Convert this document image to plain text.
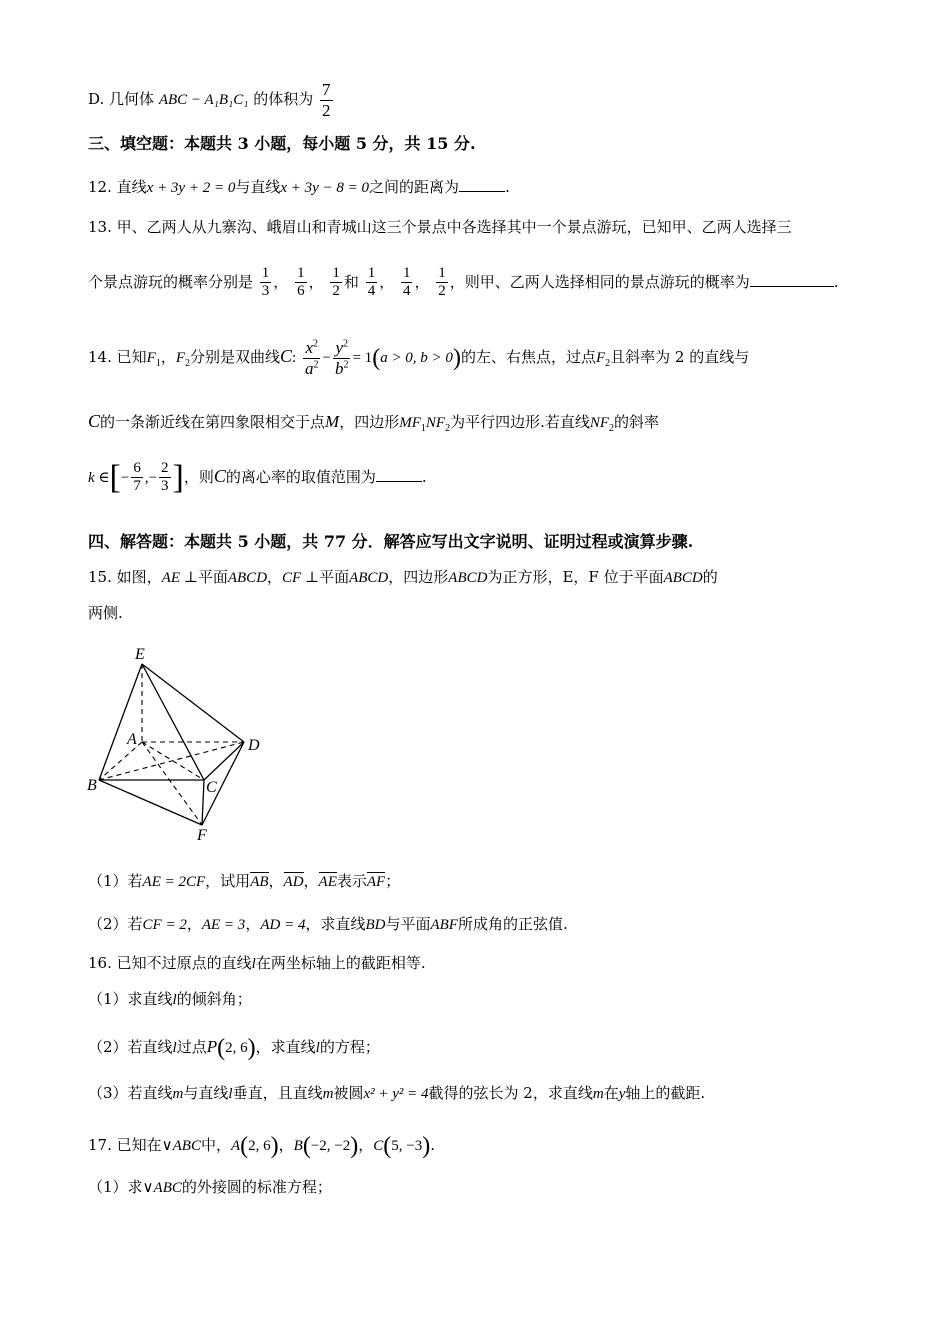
D. 几何体 ABC − A₁B₁C₁ 的体积为 $\frac{7}{2}$
三、填空题：本题共 3 小题，每小题 5 分，共 15 分.
12. 直线x + 3y + 2 = 0与直线x + 3y − 8 = 0之间的距离为	.
13. 甲、乙两人从九寨沟、峨眉山和青城山这三个景点中各选择其中一个景点游玩，已知甲、乙两人选择三
个景点游玩的概率分别是 $\frac{1}{3}$ ， $\frac{1}{6}$ ， $\frac{1}{2}$ 和 $\frac{1}{4}$ ， $\frac{1}{4}$ ， $\frac{1}{2}$ ，则甲、乙两人选择相同的景点游玩的概率为	.
14. 已知$F_1$，$F_2$分别是双曲线C: $\frac{x^2}{a^2} - \frac{y^2}{b^2} = 1(a > 0$, b > 0)的左、右焦点，过点$F_2$且斜率为 2 的直线与
C的一条渐近线在第四象限相交于点M，四边形$MF_1NF_2$为平行四边形.若直线$NF_2$的斜率
k ∈[− $\frac{6}{7}$ ,− $\frac{2}{3}$ ]，则C的离心率的取值范围为	.
四、解答题：本题共 5 小题，共 77 分．解答应写出文字说明、证明过程或演算步骤.
15. 如图，AE ⊥平面ABCD，CF ⊥平面ABCD，四边形ABCD为正方形，E，F 位于平面ABCD的
两侧.
E
A	D
B	C
F
（1）若AE = 2CF，试用AB，AD，AE表示AF；
（2）若CF = 2，AE = 3，AD = 4，求直线BD与平面ABF所成角的正弦值.
16. 已知不过原点的直线l在两坐标轴上的截距相等.
（1）求直线l的倾斜角；
（2）若直线l过点P(2, 6)，求直线l的方程；
（3）若直线m与直线l垂直，且直线m被圆x² + y² = 4截得的弦长为 2，求直线m在y轴上的截距.
17. 已知在∨ABC中，A(2, 6)，B(−2, −2)，C(5, −3).
（1）求∨ABC的外接圆的标准方程；
